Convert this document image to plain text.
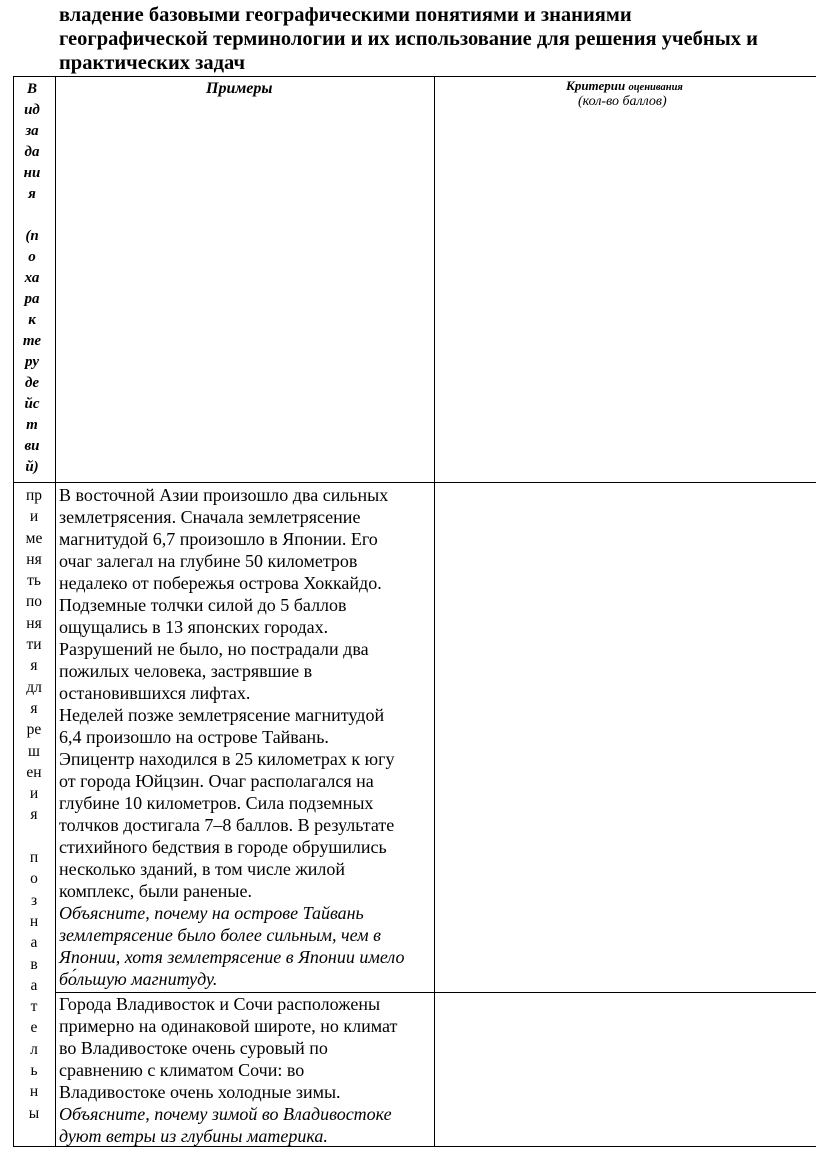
владение базовыми географическими понятиями и знаниями
географической терминологии и их использование для решения учебных и
практических задач
В
ид
за
да
ни
я
(п
о
ха
ра
к
те
ру
де
йс
т
ви
й)
Примеры	Критерии оценивания
(кол-во баллов)
пр
и
ме
ня
ть
по
ня
ти
я
дл
я
ре
ш
ен
и
я
п
о
з
н
а
в
а
т
е
л
ь
н
ы
В восточной Азии произошло два сильных
землетрясения. Сначала землетрясение
магнитудой 6,7 произошло в Японии. Его
очаг залегал на глубине 50 километров
недалеко от побережья острова Хоккайдо.
Подземные толчки силой до 5 баллов
ощущались в 13 японских городах.
Разрушений не было, но пострадали два
пожилых человека, застрявшие в
остановившихся лифтах.
Неделей позже землетрясение магнитудой
6,4 произошло на острове Тайвань.
Эпицентр находился в 25 километрах к югу
от города Юйцзин. Очаг располагался на
глубине 10 километров. Сила подземных
толчков достигала 7–8 баллов. В результате
стихийного бедствия в городе обрушились
несколько зданий, в том числе жилой
комплекс, были раненые.
Объясните, почему на острове Тайвань
землетрясение было более сильным, чем в
Японии, хотя землетрясение в Японии имело
бо́льшую магнитуду.
Города Владивосток и Сочи расположены
примерно на одинаковой широте, но климат
во Владивостоке очень суровый по
сравнению с климатом Сочи: во
Владивостоке очень холодные зимы.
Объясните, почему зимой во Владивостоке
дуют ветры из глубины материка.
